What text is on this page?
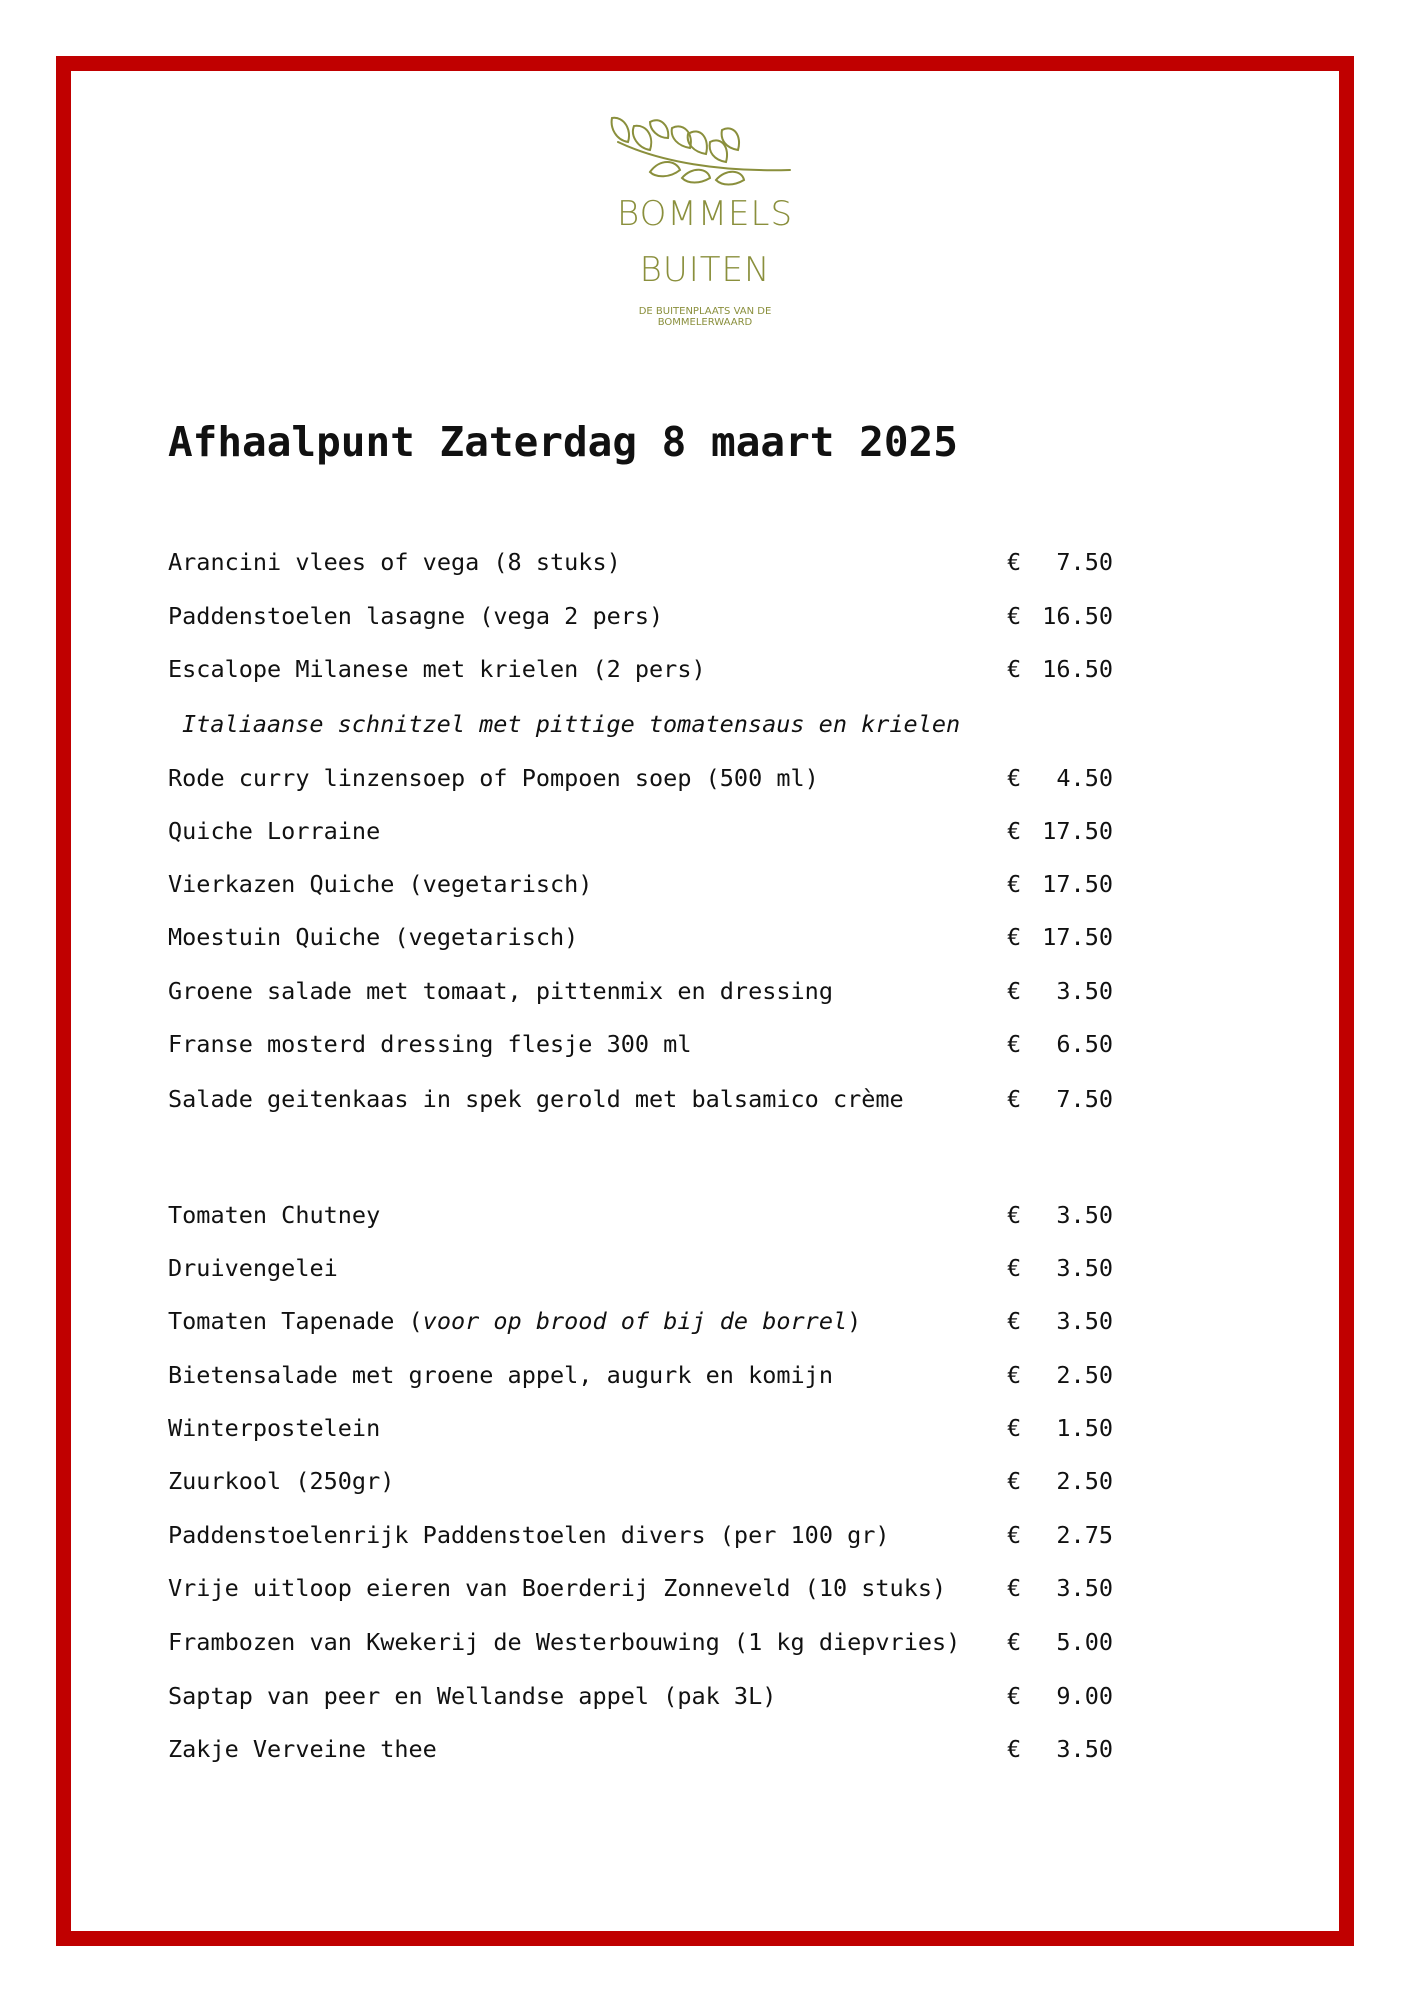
BOMMELS
BUITEN
DE BUITENPLAATS VAN DE BOMMELERWAARD
Afhaalpunt Zaterdag 8 maart 2025
Arancini vlees of vega (8 stuks)	€	7.50
Paddenstoelen lasagne (vega 2 pers)	€ 16.50
Escalope Milanese met krielen (2 pers)	€ 16.50
Italiaanse schnitzel met pittige tomatensaus en krielen
Rode curry linzensoep of Pompoen soep (500 ml)	€	4.50
Quiche Lorraine	€ 17.50
Vierkazen Quiche (vegetarisch)	€ 17.50
Moestuin Quiche (vegetarisch)	€ 17.50
Groene salade met tomaat, pittenmix en dressing	€	3.50
Franse mosterd dressing flesje 300 ml	€	6.50
Salade geitenkaas in spek gerold met balsamico crème	€	7.50
Tomaten Chutney	€	3.50
Druivengelei	€	3.50
Tomaten Tapenade (voor op brood of bij de borrel)	€	3.50
Bietensalade met groene appel, augurk en komijn	€	2.50
Winterpostelein	€	1.50
Zuurkool (250gr)	€	2.50
Paddenstoelenrijk Paddenstoelen divers (per 100 gr)	€	2.75
Vrije uitloop eieren van Boerderij Zonneveld (10 stuks)	€	3.50
Frambozen van Kwekerij de Westerbouwing (1 kg diepvries) €	5.00
Saptap van peer en Wellandse appel (pak 3L)	€	9.00
Zakje Verveine thee	€	3.50
